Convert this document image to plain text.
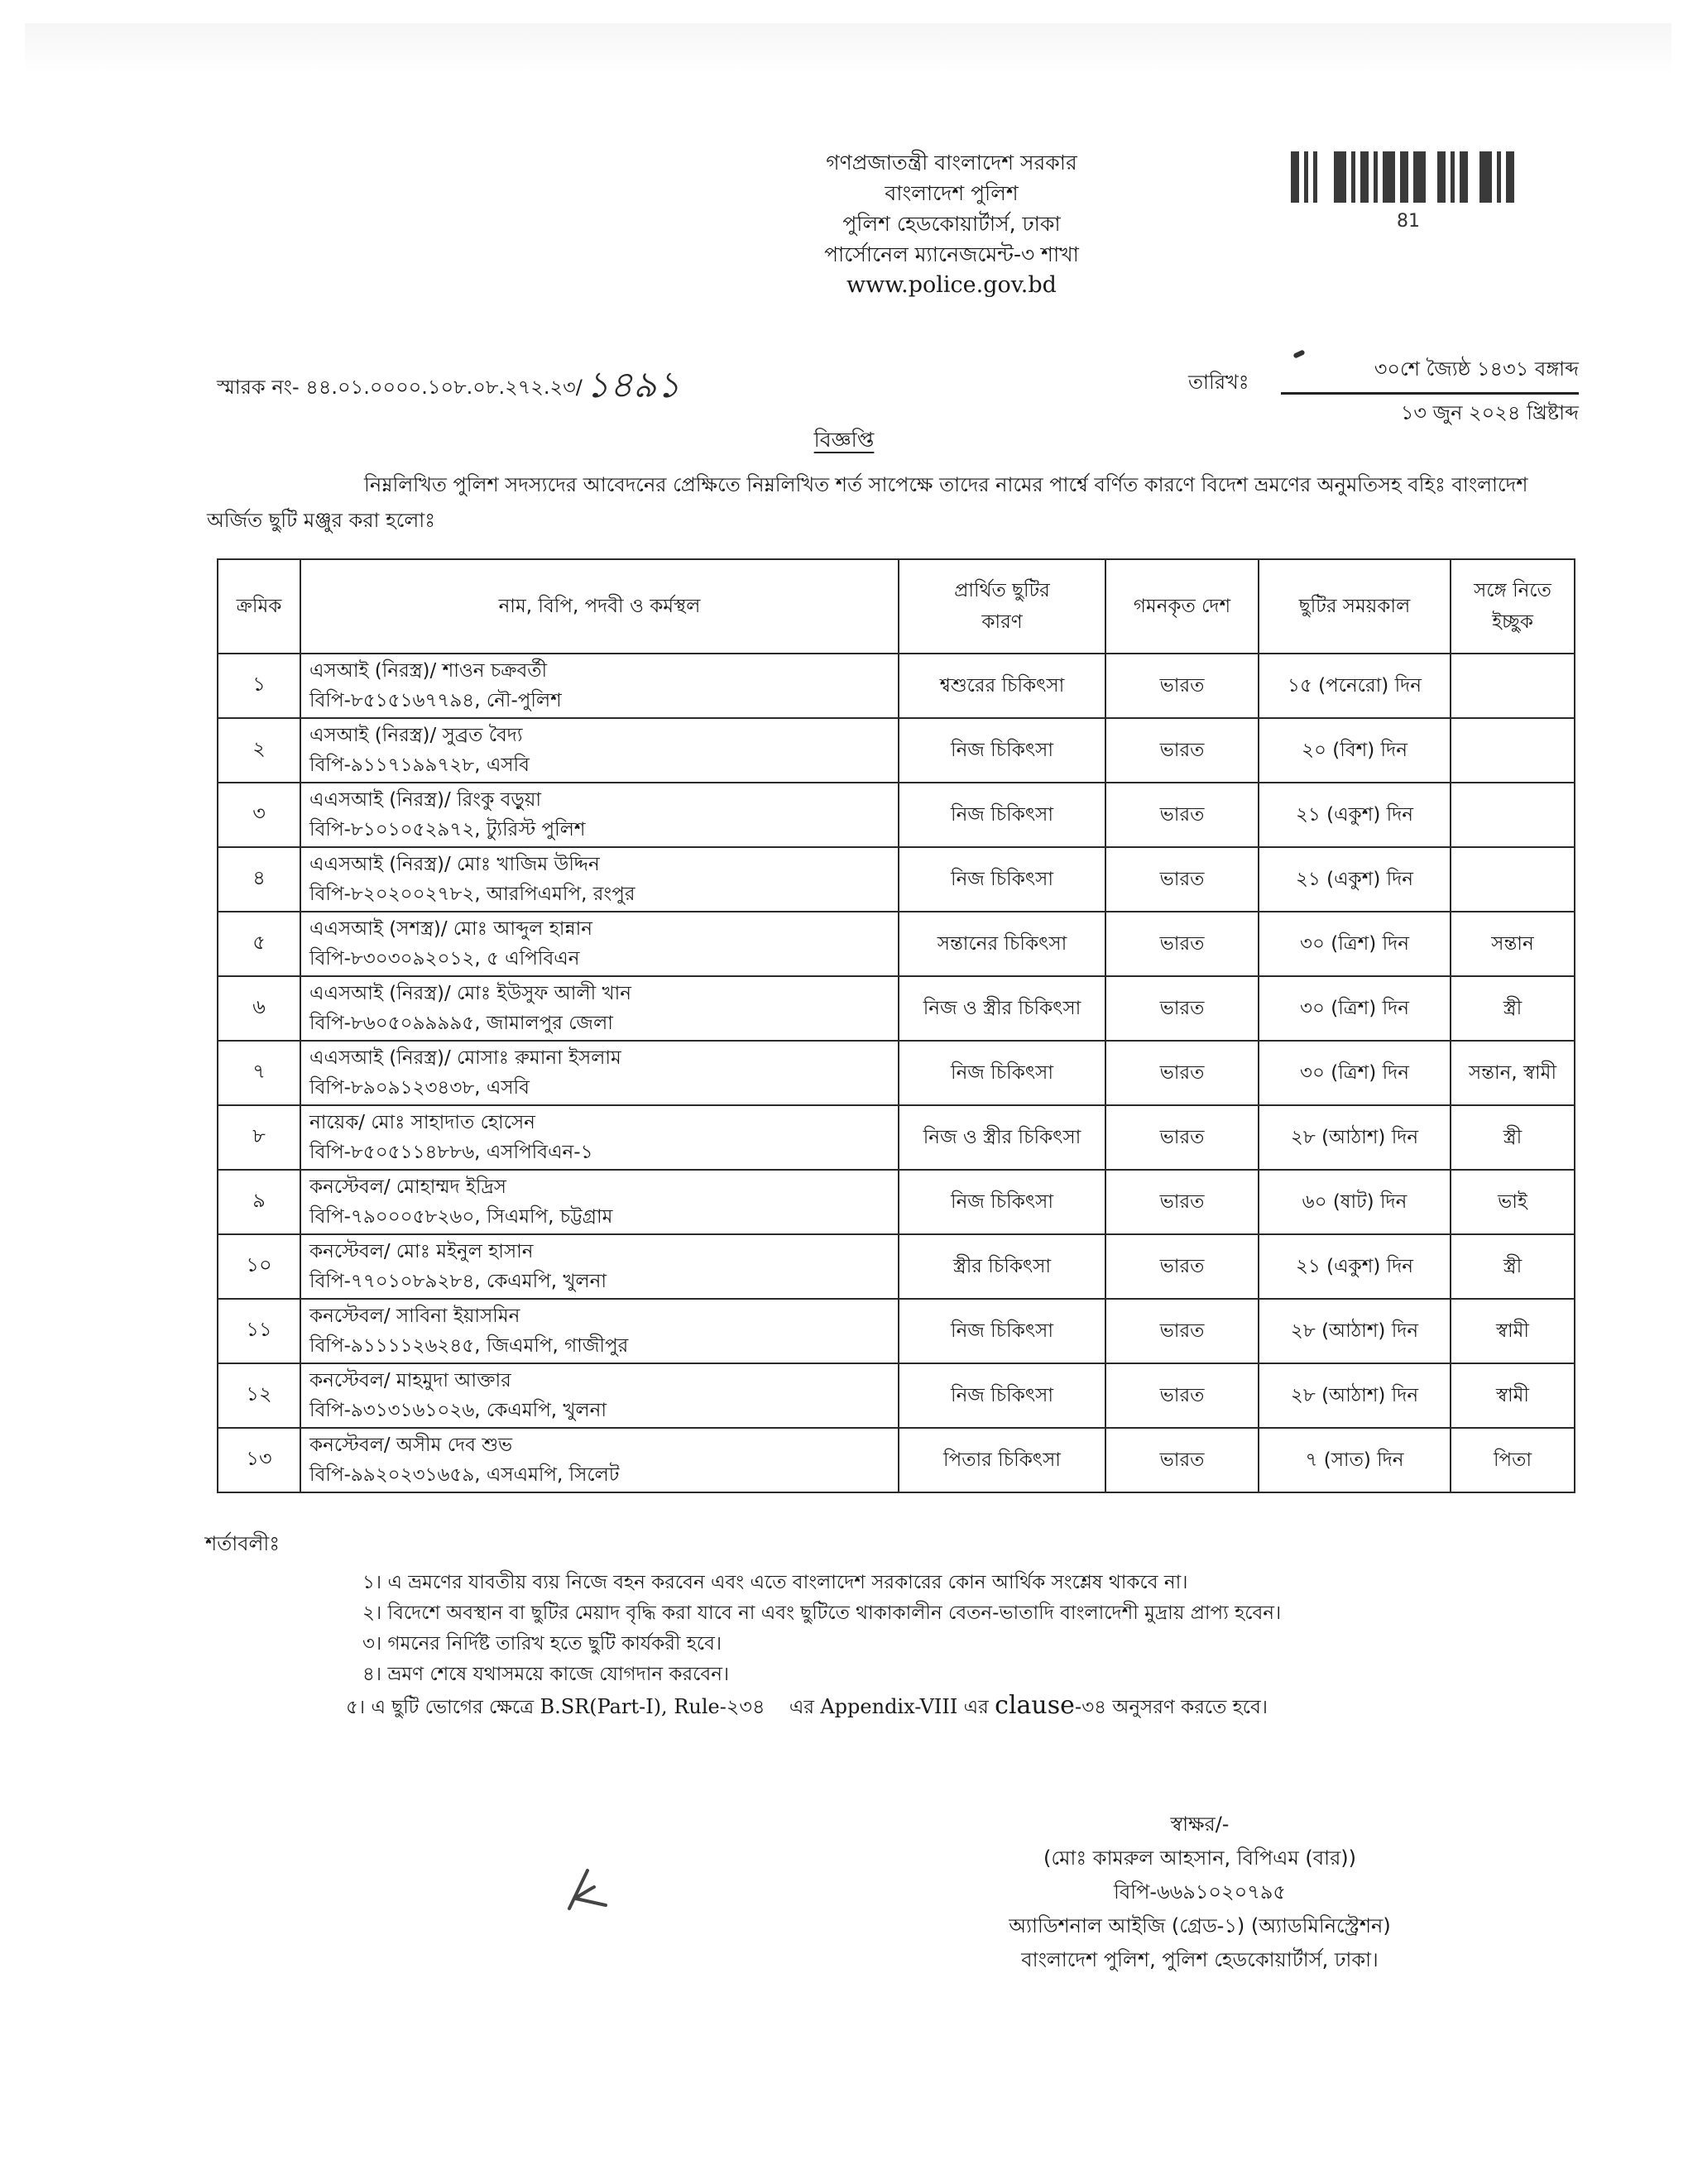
গণপ্রজাতন্ত্রী বাংলাদেশ সরকার
বাংলাদেশ পুলিশ
পুলিশ হেডকোয়ার্টার্স, ঢাকা
পার্সোনেল ম্যানেজমেন্ট-৩ শাখা
www.police.gov.bd
81
স্মারক নং- ৪৪.০১.০০০০.১০৮.০৮.২৭২.২৩/১৪৯১	তারিখঃ
৩০শে জ্যৈষ্ঠ ১৪৩১ বঙ্গাব্দ
১৩ জুন ২০২৪ খ্রিষ্টাব্দ
বিজ্ঞপ্তি
নিম্নলিখিত পুলিশ সদস্যদের আবেদনের প্রেক্ষিতে নিম্নলিখিত শর্ত সাপেক্ষে তাদের নামের পার্শ্বে বর্ণিত কারণে বিদেশ ভ্রমণের অনুমতিসহ বহিঃ বাংলাদেশ অর্জিত ছুটি মঞ্জুর করা হলোঃ
ক্রমিক	নাম, বিপি, পদবী ও কর্মস্থল	প্রার্থিত ছুটির কারণ	গমনকৃত দেশ	ছুটির সময়কাল	সঙ্গে নিতে ইচ্ছুক
১	এসআই (নিরস্ত্র)/ শাওন চক্রবর্তী
বিপি-৮৫১৫১৬৭৭৯৪, নৌ-পুলিশ	শ্বশুরের চিকিৎসা	ভারত	১৫ (পনেরো) দিন	
২	এসআই (নিরস্ত্র)/ সুব্রত বৈদ্য
বিপি-৯১১৭১৯৯৭২৮, এসবি	নিজ চিকিৎসা	ভারত	২০ (বিশ) দিন	
৩	এএসআই (নিরস্ত্র)/ রিংকু বড়ুয়া
বিপি-৮১০১০৫২৯৭২, ট্যুরিস্ট পুলিশ	নিজ চিকিৎসা	ভারত	২১ (একুশ) দিন	
৪	এএসআই (নিরস্ত্র)/ মোঃ খাজিম উদ্দিন
বিপি-৮২০২০০২৭৮২, আরপিএমপি, রংপুর	নিজ চিকিৎসা	ভারত	২১ (একুশ) দিন	
৫	এএসআই (সশস্ত্র)/ মোঃ আব্দুল হান্নান
বিপি-৮৩০৩০৯২০১২, ৫ এপিবিএন	সন্তানের চিকিৎসা	ভারত	৩০ (ত্রিশ) দিন	সন্তান
৬	এএসআই (নিরস্ত্র)/ মোঃ ইউসুফ আলী খান
বিপি-৮৬০৫০৯৯৯৯৫, জামালপুর জেলা	নিজ ও স্ত্রীর চিকিৎসা	ভারত	৩০ (ত্রিশ) দিন	স্ত্রী
৭	এএসআই (নিরস্ত্র)/ মোসাঃ রুমানা ইসলাম
বিপি-৮৯০৯১২৩৪৩৮, এসবি	নিজ চিকিৎসা	ভারত	৩০ (ত্রিশ) দিন	সন্তান, স্বামী
৮	নায়েক/ মোঃ সাহাদাত হোসেন
বিপি-৮৫০৫১১৪৮৮৬, এসপিবিএন-১	নিজ ও স্ত্রীর চিকিৎসা	ভারত	২৮ (আঠাশ) দিন	স্ত্রী
৯	কনস্টেবল/ মোহাম্মদ ইদ্রিস
বিপি-৭৯০০০৫৮২৬০, সিএমপি, চট্টগ্রাম	নিজ চিকিৎসা	ভারত	৬০ (ষাট) দিন	ভাই
১০	কনস্টেবল/ মোঃ মইনুল হাসান
বিপি-৭৭০১০৮৯২৮৪, কেএমপি, খুলনা	স্ত্রীর চিকিৎসা	ভারত	২১ (একুশ) দিন	স্ত্রী
১১	কনস্টেবল/ সাবিনা ইয়াসমিন
বিপি-৯১১১১২৬২৪৫, জিএমপি, গাজীপুর	নিজ চিকিৎসা	ভারত	২৮ (আঠাশ) দিন	স্বামী
১২	কনস্টেবল/ মাহমুদা আক্তার
বিপি-৯৩১৩১৬১০২৬, কেএমপি, খুলনা	নিজ চিকিৎসা	ভারত	২৮ (আঠাশ) দিন	স্বামী
১৩	কনস্টেবল/ অসীম দেব শুভ
বিপি-৯৯২০২৩১৬৫৯, এসএমপি, সিলেট	পিতার চিকিৎসা	ভারত	৭ (সাত) দিন	পিতা
শর্তাবলীঃ
১। এ ভ্রমণের যাবতীয় ব্যয় নিজে বহন করবেন এবং এতে বাংলাদেশ সরকারের কোন আর্থিক সংশ্লেষ থাকবে না।
২। বিদেশে অবস্থান বা ছুটির মেয়াদ বৃদ্ধি করা যাবে না এবং ছুটিতে থাকাকালীন বেতন-ভাতাদি বাংলাদেশী মুদ্রায় প্রাপ্য হবেন।
৩। গমনের নির্দিষ্ট তারিখ হতে ছুটি কার্যকরী হবে।
৪। ভ্রমণ শেষে যথাসময়ে কাজে যোগদান করবেন।
৫। এ ছুটি ভোগের ক্ষেত্রে B.SR(Part-I), Rule-২৩৪    এর Appendix-VIII এর clause-৩৪ অনুসরণ করতে হবে।
স্বাক্ষর/-
(মোঃ কামরুল আহসান, বিপিএম (বার))
বিপি-৬৬৯১০২০৭৯৫
অ্যাডিশনাল আইজি (গ্রেড-১) (অ্যাডমিনিস্ট্রেশন)
বাংলাদেশ পুলিশ, পুলিশ হেডকোয়ার্টার্স, ঢাকা।
